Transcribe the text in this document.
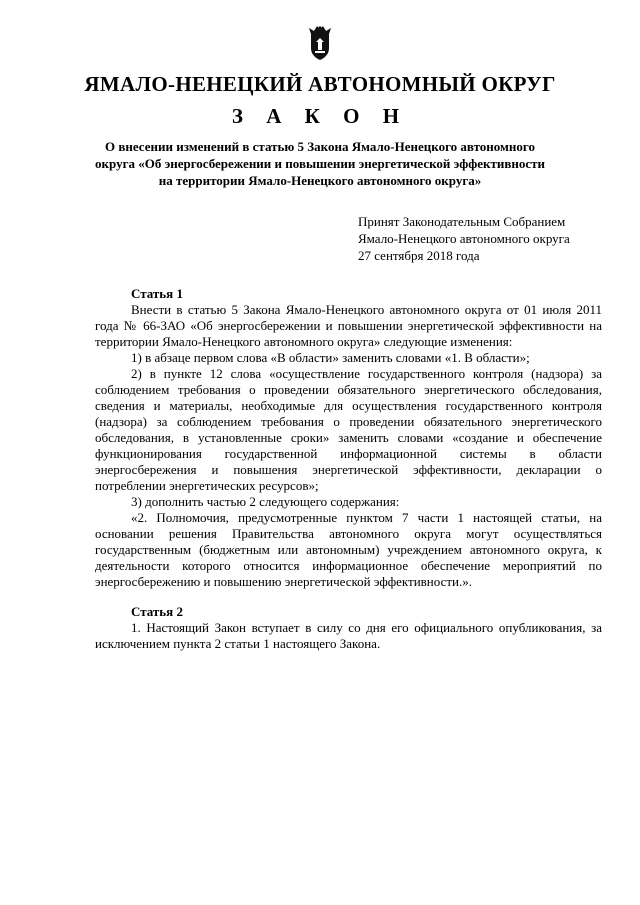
ЯМАЛО-НЕНЕЦКИЙ АВТОНОМНЫЙ ОКРУГ
З А К О Н
О внесении изменений в статью 5 Закона Ямало-Ненецкого автономного округа «Об энергосбережении и повышении энергетической эффективности на территории Ямало-Ненецкого автономного округа»
Принят Законодательным Собранием
Ямало-Ненецкого автономного округа
27 сентября 2018 года
Статья 1

Внести в статью 5 Закона Ямало-Ненецкого автономного округа от 01 июля 2011 года № 66-ЗАО «Об энергосбережении и повышении энергетической эффективности на территории Ямало-Ненецкого автономного округа» следующие изменения:

1) в абзаце первом слова «В области» заменить словами «1. В области»;

2) в пункте 12 слова «осуществление государственного контроля (надзора) за соблюдением требования о проведении обязательного энергетического обследования, сведения и материалы, необходимые для осуществления государственного контроля (надзора) за соблюдением требования о проведении обязательного энергетического обследования, в установленные сроки» заменить словами «создание и обеспечение функционирования государственной информационной системы в области энергосбережения и повышения энергетической эффективности, декларации о потреблении энергетических ресурсов»;

3) дополнить частью 2 следующего содержания:

«2. Полномочия, предусмотренные пунктом 7 части 1 настоящей статьи, на основании решения Правительства автономного округа могут осуществляться государственным (бюджетным или автономным) учреждением автономного округа, к деятельности которого относится информационное обеспечение мероприятий по энергосбережению и повышению энергетической эффективности.».

Статья 2

1. Настоящий Закон вступает в силу со дня его официального опубликования, за исключением пункта 2 статьи 1 настоящего Закона.
